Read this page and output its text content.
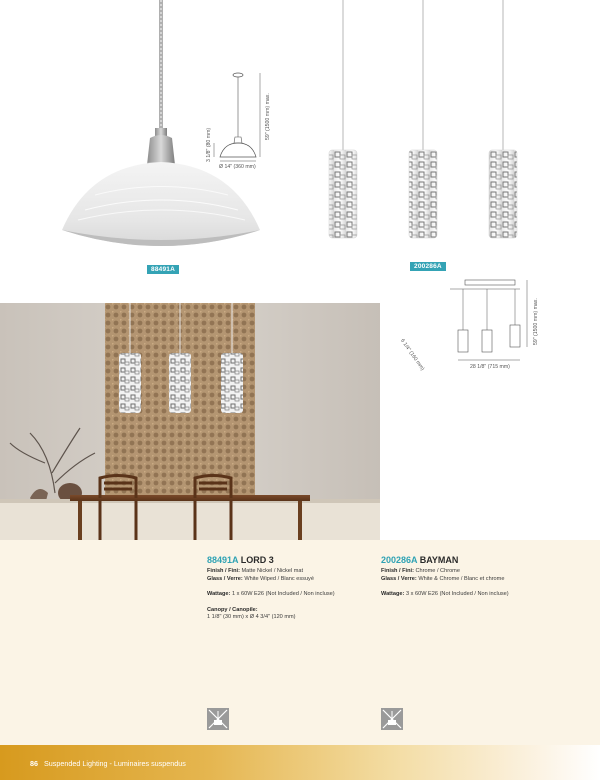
88491A
59" (1500 mm) max.
3 1/8" (80 mm)
Ø 14" (360 mm)
200286A
59" (1500 mm) max.
6 1/4" (160 mm)	28 1/8" (715 mm)
88491A LORD 3
Finish / Fini: Matte Nickel / Nickel mat
Glass / Verre: White Wiped / Blanc essuyé
Wattage: 1 x 60W E26 (Not Included / Non incluse)
Canopy / Canopile:
1 1/8" (30 mm) x Ø 4 3/4" (120 mm)
200286A BAYMAN
Finish / Fini: Chrome / Chrome
Glass / Verre: White & Chrome / Blanc et chrome
Wattage: 3 x 60W E26 (Not Included / Non incluse)
86 Suspended Lighting - Luminaires suspendus
